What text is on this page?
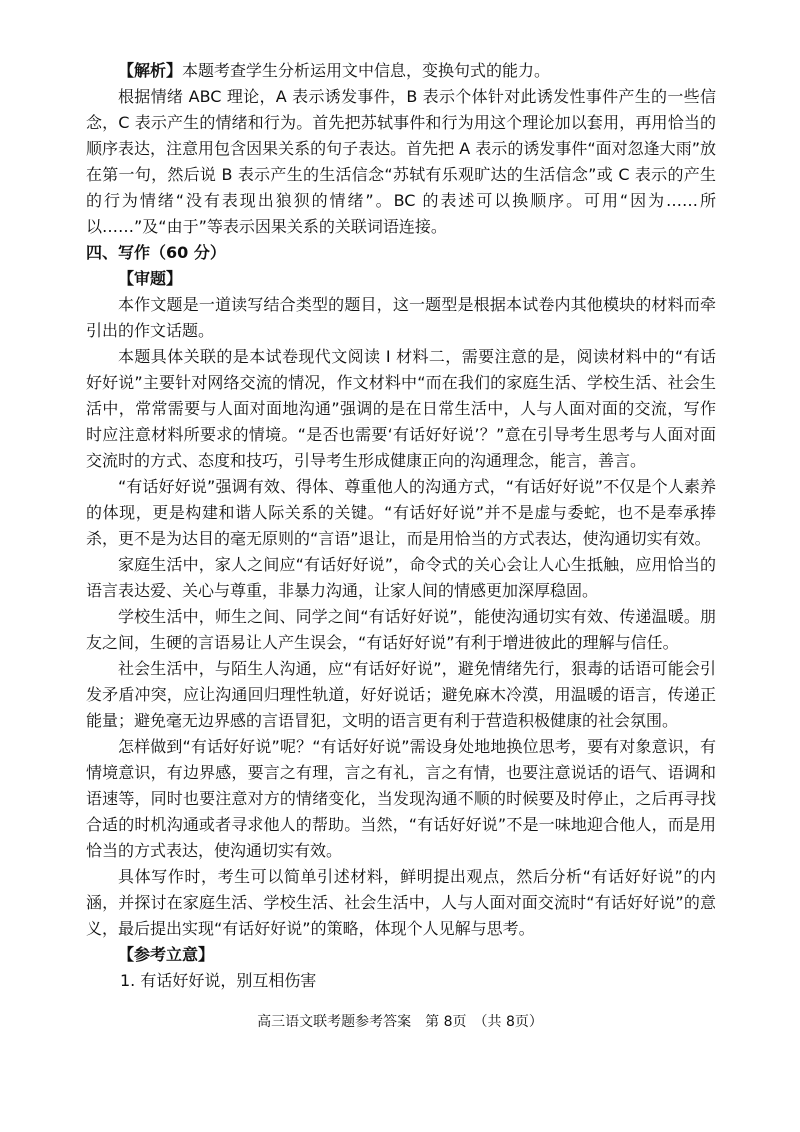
【解析】本题考查学生分析运用文中信息，变换句式的能力。

根据情绪 ABC 理论，A 表示诱发事件，B 表示个体针对此诱发性事件产生的一些信念，C 表示产生的情绪和行为。首先把苏轼事件和行为用这个理论加以套用，再用恰当的顺序表达，注意用包含因果关系的句子表达。首先把 A 表示的诱发事件“面对忽逢大雨”放在第一句，然后说 B 表示产生的生活信念“苏轼有乐观旷达的生活信念”或 C 表示的产生的行为情绪“没有表现出狼狈的情绪”。BC 的表述可以换顺序。可用“因为……所以……”及“由于”等表示因果关系的关联词语连接。

四、写作（60 分）

【审题】

本作文题是一道读写结合类型的题目，这一题型是根据本试卷内其他模块的材料而牵引出的作文话题。

本题具体关联的是本试卷现代文阅读 I 材料二，需要注意的是，阅读材料中的“有话好好说”主要针对网络交流的情况，作文材料中“而在我们的家庭生活、学校生活、社会生活中，常常需要与人面对面地沟通”强调的是在日常生活中，人与人面对面的交流，写作时应注意材料所要求的情境。“是否也需要‘有话好好说’？”意在引导考生思考与人面对面交流时的方式、态度和技巧，引导考生形成健康正向的沟通理念，能言，善言。

“有话好好说”强调有效、得体、尊重他人的沟通方式，“有话好好说”不仅是个人素养的体现，更是构建和谐人际关系的关键。“有话好好说”并不是虚与委蛇，也不是奉承捧杀，更不是为达目的毫无原则的“言语”退让，而是用恰当的方式表达，使沟通切实有效。

家庭生活中，家人之间应“有话好好说”，命令式的关心会让人心生抵触，应用恰当的语言表达爱、关心与尊重，非暴力沟通，让家人间的情感更加深厚稳固。

学校生活中，师生之间、同学之间“有话好好说”，能使沟通切实有效、传递温暖。朋友之间，生硬的言语易让人产生误会，“有话好好说”有利于增进彼此的理解与信任。

社会生活中，与陌生人沟通，应“有话好好说”，避免情绪先行，狠毒的话语可能会引发矛盾冲突，应让沟通回归理性轨道，好好说话；避免麻木冷漠，用温暖的语言，传递正能量；避免毫无边界感的言语冒犯，文明的语言更有利于营造积极健康的社会氛围。

怎样做到“有话好好说”呢？“有话好好说”需设身处地地换位思考，要有对象意识，有情境意识，有边界感，要言之有理，言之有礼，言之有情，也要注意说话的语气、语调和语速等，同时也要注意对方的情绪变化，当发现沟通不顺的时候要及时停止，之后再寻找合适的时机沟通或者寻求他人的帮助。当然，“有话好好说”不是一味地迎合他人，而是用恰当的方式表达，使沟通切实有效。

具体写作时，考生可以简单引述材料，鲜明提出观点，然后分析“有话好好说”的内涵，并探讨在家庭生活、学校生活、社会生活中，人与人面对面交流时“有话好好说”的意义，最后提出实现“有话好好说”的策略，体现个人见解与思考。

【参考立意】

1. 有话好好说，别互相伤害

高三语文联考题参考答案　第 8页　（共 8页）
